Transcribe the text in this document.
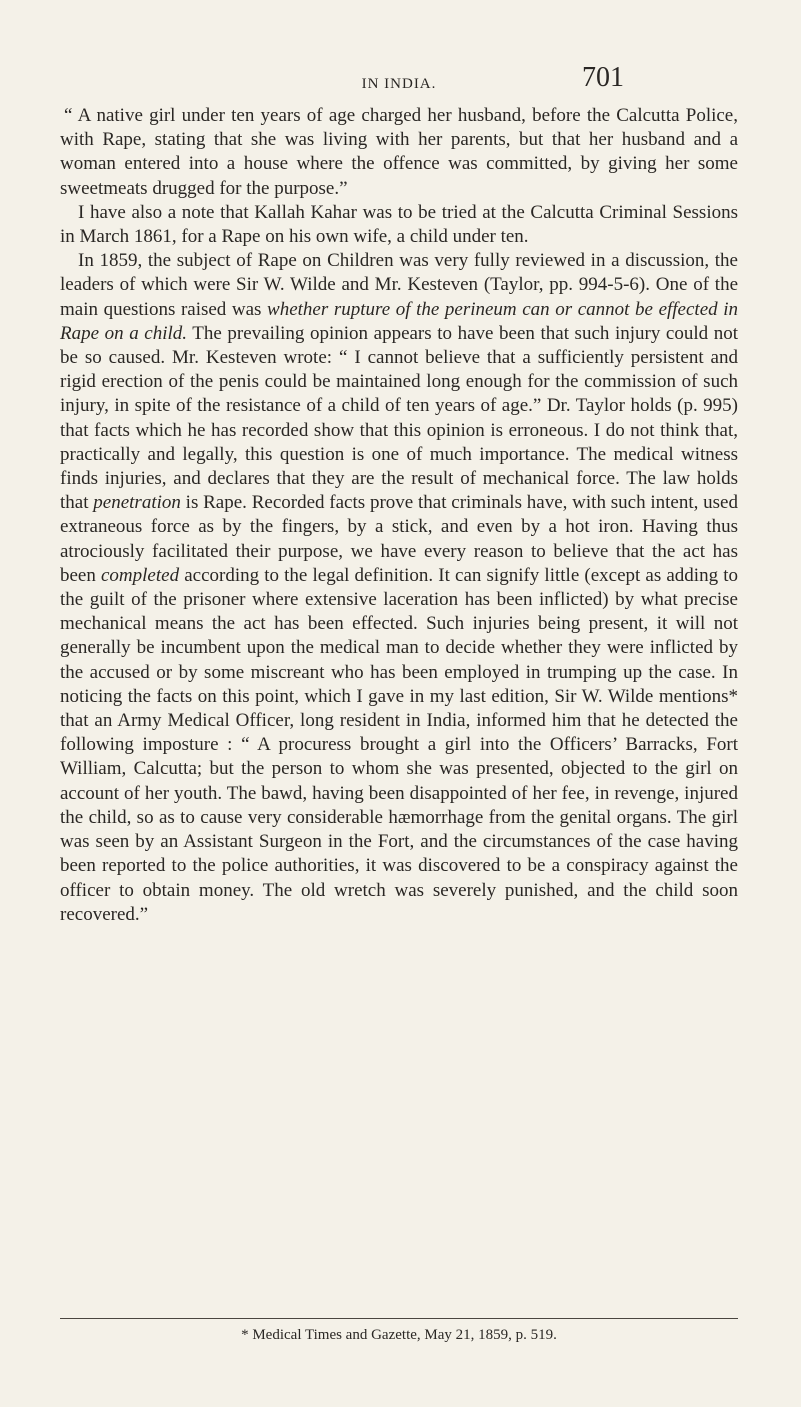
IN INDIA.	701

“ A native girl under ten years of age charged her husband, before the Calcutta Police, with Rape, stating that she was living with her parents, but that her husband and a woman entered into a house where the offence was committed, by giving her some sweetmeats drugged for the purpose.”

I have also a note that Kallah Kahar was to be tried at the Calcutta Criminal Sessions in March 1861, for a Rape on his own wife, a child under ten.

In 1859, the subject of Rape on Children was very fully reviewed in a discussion, the leaders of which were Sir W. Wilde and Mr. Kesteven (Taylor, pp. 994-5-6). One of the main questions raised was whether rupture of the perineum can or cannot be effected in Rape on a child. The prevailing opinion appears to have been that such injury could not be so caused. Mr. Kesteven wrote: “ I cannot believe that a sufficiently persistent and rigid erection of the penis could be maintained long enough for the commission of such injury, in spite of the resistance of a child of ten years of age.” Dr. Taylor holds (p. 995) that facts which he has recorded show that this opinion is erroneous. I do not think that, practically and legally, this question is one of much importance. The medical witness finds injuries, and declares that they are the result of mechanical force. The law holds that penetration is Rape. Recorded facts prove that criminals have, with such intent, used extraneous force as by the fingers, by a stick, and even by a hot iron. Having thus atrociously facilitated their purpose, we have every reason to believe that the act has been completed according to the legal definition. It can signify little (except as adding to the guilt of the prisoner where extensive laceration has been inflicted) by what precise mechanical means the act has been effected. Such injuries being present, it will not generally be incumbent upon the medical man to decide whether they were inflicted by the accused or by some miscreant who has been employed in trumping up the case. In noticing the facts on this point, which I gave in my last edition, Sir W. Wilde mentions* that an Army Medical Officer, long resident in India, informed him that he detected the following imposture : “ A procuress brought a girl into the Officers’ Barracks, Fort William, Calcutta; but the person to whom she was presented, objected to the girl on account of her youth. The bawd, having been disappointed of her fee, in revenge, injured the child, so as to cause very considerable hæmorrhage from the genital organs. The girl was seen by an Assistant Surgeon in the Fort, and the circumstances of the case having been reported to the police authorities, it was discovered to be a conspiracy against the officer to obtain money. The old wretch was severely punished, and the child soon recovered.”

* Medical Times and Gazette, May 21, 1859, p. 519.
